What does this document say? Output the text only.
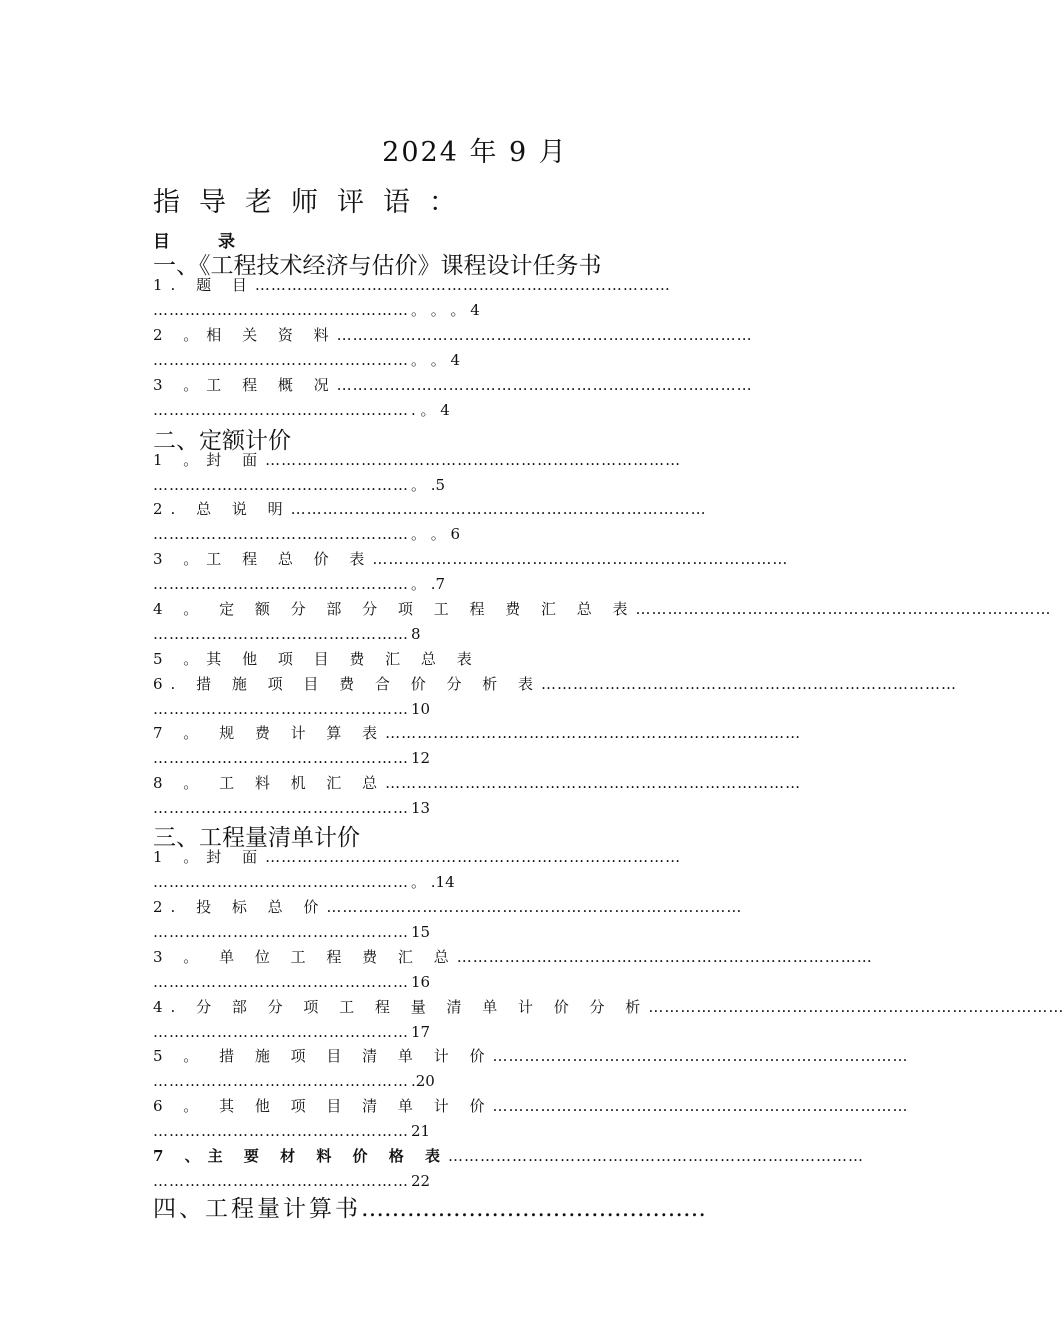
2024 年 9 月
指导老师评语：
目录
一、《工程技术经济与估价》课程设计任务书
1. 题 目 ……………………………………………………………………
………………………………………… 。 。 。 4
2 。相 关 资 料 ……………………………………………………………………
………………………………………… 。 。 4
3 。工 程 概 况 ……………………………………………………………………
………………………………………… . 。 4
二、定额计价
1 。封 面 ……………………………………………………………………
………………………………………… 。 .5
2. 总 说 明 ……………………………………………………………………
………………………………………… 。 。 6
3 。工 程 总 价 表 ……………………………………………………………………
………………………………………… 。 .7
4 。 定 额 分 部 分 项 工 程 费 汇 总 表 ……………………………………………………………………
………………………………………… 8
5 。其 他 项 目 费 汇 总 表
6. 措 施 项 目 费 合 价 分 析 表 ……………………………………………………………………
………………………………………… 10
7 。 规 费 计 算 表 ……………………………………………………………………
………………………………………… 12
8 。 工 料 机 汇 总 ……………………………………………………………………
………………………………………… 13
三、工程量清单计价
1 。封 面 ……………………………………………………………………
………………………………………… 。 .14
2. 投 标 总 价 ……………………………………………………………………
………………………………………… 15
3 。 单 位 工 程 费 汇 总 ……………………………………………………………………
………………………………………… 16
4. 分 部 分 项 工 程 量 清 单 计 价 分 析 ……………………………………………………………………
………………………………………… 17
5 。 措 施 项 目 清 单 计 价 ……………………………………………………………………
………………………………………… .20
6 。 其 他 项 目 清 单 计 价 ……………………………………………………………………
………………………………………… 21
7 、主 要 材 料 价 格 表 ……………………………………………………………………
………………………………………… 22
四、工程量计算书………………………………………
